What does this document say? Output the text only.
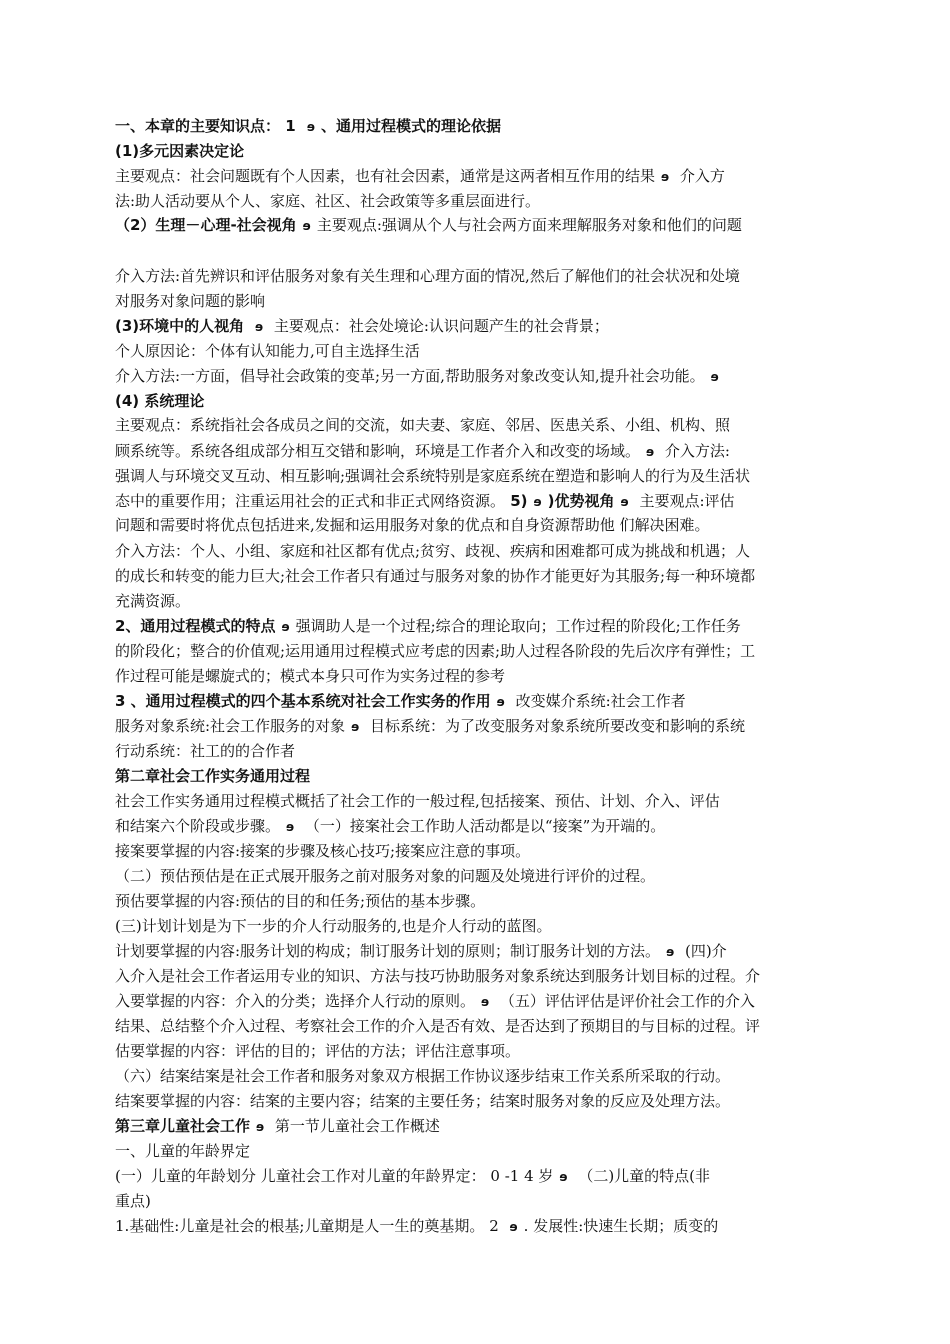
一、本章的主要知识点： 1 ɘ 、通用过程模式的理论依据
(1)多元因素决定论
主要观点：社会问题既有个人因素，也有社会因素，通常是这两者相互作用的结果ɘ 介入方
法:助人活动要从个人、家庭、社区、社会政策等多重层面进行。
（2）生理－心理-社会视角 ɘ 主要观点:强调从个人与社会两方面来理解服务对象和他们的问题
介入方法:首先辨识和评估服务对象有关生理和心理方面的情况,然后了解他们的社会状况和处境
对服务对象问题的影响
(3)环境中的人视角 ɘ 主要观点：社会处境论:认识问题产生的社会背景；
个人原因论：个体有认知能力,可自主选择生活
介入方法:一方面，倡导社会政策的变革;另一方面,帮助服务对象改变认知,提升社会功能。ɘ
(4) 系统理论
主要观点：系统指社会各成员之间的交流，如夫妻、家庭、邻居、医患关系、小组、机构、照
顾系统等。系统各组成部分相互交错和影响，环境是工作者介入和改变的场域。ɘ 介入方法:
强调人与环境交叉互动、相互影响;强调社会系统特别是家庭系统在塑造和影响人的行为及生活状
态中的重要作用；注重运用社会的正式和非正式网络资源。 5) ɘ )优势视角ɘ 主要观点:评估
问题和需要时将优点包括进来,发掘和运用服务对象的优点和自身资源帮助他 们解决困难。
介入方法：个人、小组、家庭和社区都有优点;贫穷、歧视、疾病和困难都可成为挑战和机遇；人
的成长和转变的能力巨大;社会工作者只有通过与服务对象的协作才能更好为其服务;每一种环境都
充满资源。
2、通用过程模式的特点 ɘ 强调助人是一个过程;综合的理论取向；工作过程的阶段化;工作任务
的阶段化；整合的价值观;运用通用过程模式应考虑的因素;助人过程各阶段的先后次序有弹性；工
作过程可能是螺旋式的；模式本身只可作为实务过程的参考
3 、通用过程模式的四个基本系统对社会工作实务的作用ɘ 改变媒介系统:社会工作者
服务对象系统:社会工作服务的对象ɘ 目标系统：为了改变服务对象系统所要改变和影响的系统
行动系统：社工的的合作者
第二章社会工作实务通用过程
社会工作实务通用过程模式概括了社会工作的一般过程,包括接案、预估、计划、介入、评估
和结案六个阶段或步骤。ɘ （一）接案社会工作助人活动都是以“接案”为开端的。
接案要掌握的内容:接案的步骤及核心技巧;接案应注意的事项。
（二）预估预估是在正式展开服务之前对服务对象的问题及处境进行评价的过程。
预估要掌握的内容:预估的目的和任务;预估的基本步骤。
(三)计划计划是为下一步的介人行动服务的,也是介人行动的蓝图。
计划要掌握的内容:服务计划的构成；制订服务计划的原则；制订服务计划的方法。ɘ (四)介
入介入是社会工作者运用专业的知识、方法与技巧协助服务对象系统达到服务计划目标的过程。介
入要掌握的内容：介入的分类；选择介人行动的原则。ɘ （五）评估评估是评价社会工作的介入
结果、总结整个介入过程、考察社会工作的介入是否有效、是否达到了预期目的与目标的过程。评
估要掌握的内容：评估的目的；评估的方法；评估注意事项。
（六）结案结案是社会工作者和服务对象双方根据工作协议逐步结束工作关系所采取的行动。
结案要掌握的内容：结案的主要内容；结案的主要任务；结案时服务对象的反应及处理方法。
第三章儿童社会工作ɘ 第一节儿童社会工作概述
一、儿童的年龄界定
(一）儿童的年龄划分 儿童社会工作对儿童的年龄界定： 0 -1 4 岁ɘ （二)儿童的特点(非
重点)
1.基础性:儿童是社会的根基;儿童期是人一生的奠基期。 2 ɘ . 发展性:快速生长期；质变的
